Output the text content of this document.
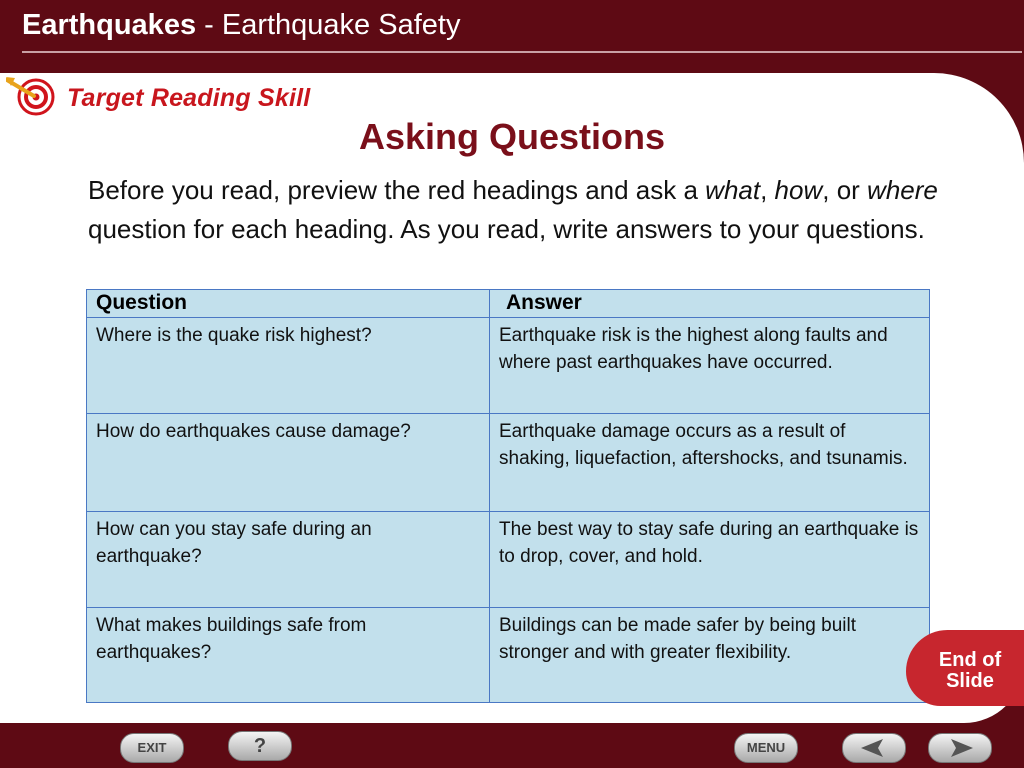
Earthquakes - Earthquake Safety
Target Reading Skill
Asking Questions
Before you read, preview the red headings and ask a what, how, or where question for each heading. As you read, write answers to your questions.
Question	Answer
Where is the quake risk highest?	Earthquake risk is the highest along faults and where past earthquakes have occurred.
How do earthquakes cause damage?	Earthquake damage occurs as a result of shaking, liquefaction, aftershocks, and tsunamis.
How can you stay safe during an earthquake?	The best way to stay safe during an earthquake is to drop, cover, and hold.
What makes buildings safe from earthquakes?	Buildings can be made safer by being built stronger and with greater flexibility.	End of Slide
EXIT	?	MENU
